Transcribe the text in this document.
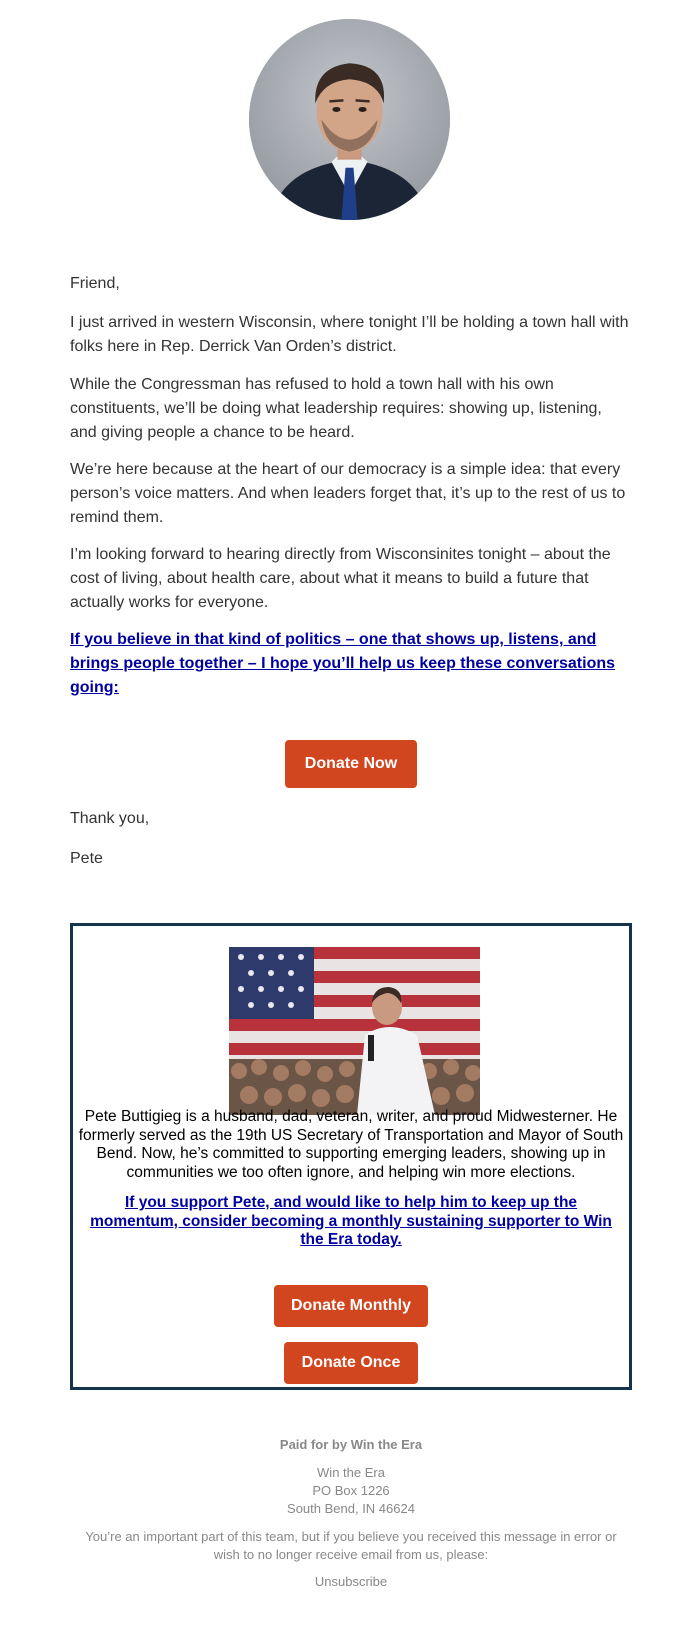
Friend,

I just arrived in western Wisconsin, where tonight I’ll be holding a town hall with folks here in Rep. Derrick Van Orden’s district.

While the Congressman has refused to hold a town hall with his own constituents, we’ll be doing what leadership requires: showing up, listening, and giving people a chance to be heard.

We’re here because at the heart of our democracy is a simple idea: that every person’s voice matters. And when leaders forget that, it’s up to the rest of us to remind them.

I’m looking forward to hearing directly from Wisconsinites tonight – about the cost of living, about health care, about what it means to build a future that actually works for everyone.

If you believe in that kind of politics – one that shows up, listens, and brings people together – I hope you’ll help us keep these conversations going:

Donate Now

Thank you,

Pete

Pete Buttigieg is a husband, dad, veteran, writer, and proud Midwesterner. He formerly served as the 19th US Secretary of Transportation and Mayor of South Bend. Now, he’s committed to supporting emerging leaders, showing up in communities we too often ignore, and helping win more elections.

If you support Pete, and would like to help him to keep up the momentum, consider becoming a monthly sustaining supporter to Win the Era today.

Donate Monthly
Donate Once
Paid for by Win the Era
Win the Era
PO Box 1226
South Bend, IN 46624
You’re an important part of this team, but if you believe you received this message in error or wish to no longer receive email from us, please:
Unsubscribe
